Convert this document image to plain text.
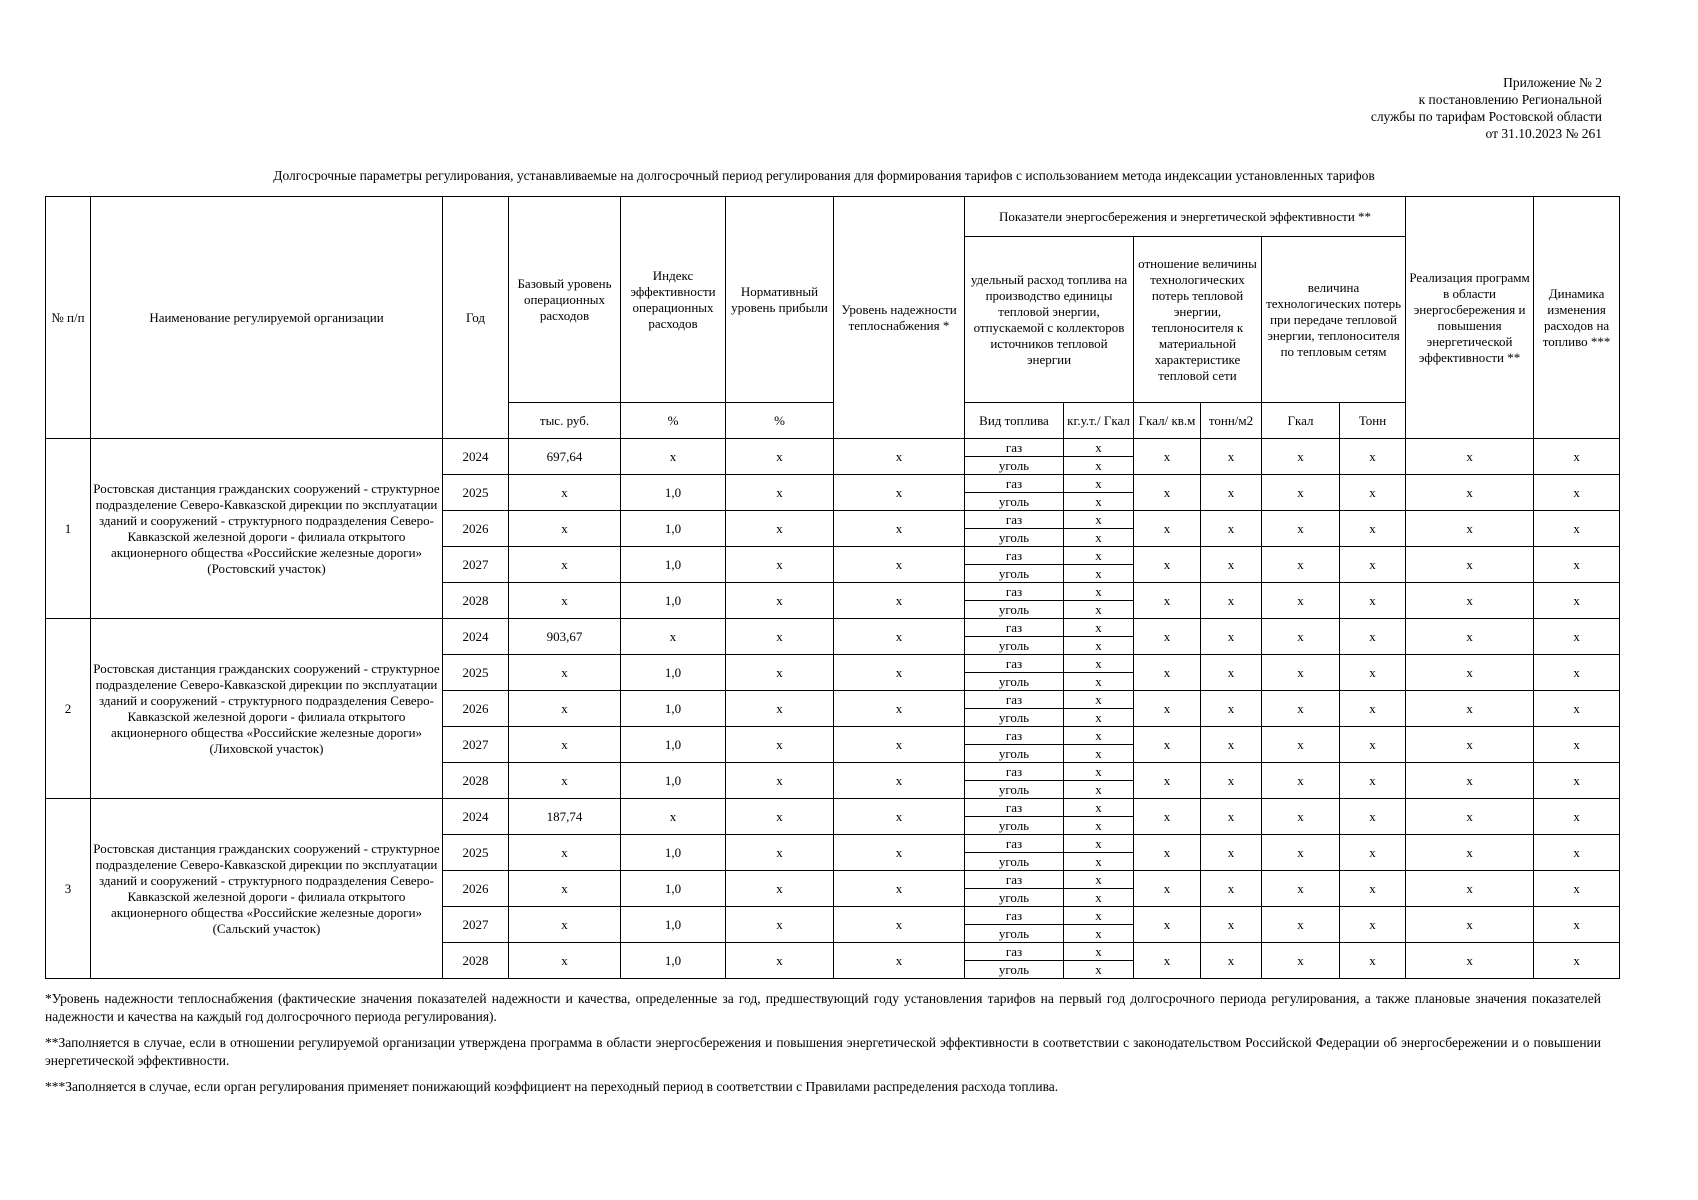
Приложение № 2
к постановлению Региональной
службы по тарифам Ростовской области
от 31.10.2023 № 261
Долгосрочные параметры регулирования, устанавливаемые на долгосрочный период регулирования для формирования тарифов с использованием метода индексации установленных тарифов
№ п/п	Наименование регулируемой организации	Год	Базовый уровень операционных расходов	Индекс эффективности операционных расходов	Нормативный уровень прибыли	Уровень надежности теплоснабжения *	Показатели энергосбережения и энергетической эффективности **						Реализация программ в области энергосбережения и повышения энергетической эффективности **	Динамика изменения расходов на топливо ***
							удельный расход топлива на производство единицы тепловой энергии, отпускаемой с коллекторов источников тепловой энергии		отношение величины технологических потерь тепловой энергии, теплоносителя к материальной характеристике тепловой сети		величина технологических потерь при передаче тепловой энергии, теплоносителя по тепловым сетям			
			тыс. руб.	%	%		Вид топлива	кг.у.т./ Гкал	Гкал/ кв.м	тонн/м2	Гкал	Тонн		
1	Ростовская дистанция гражданских сооружений - структурное подразделение Северо-Кавказской дирекции по эксплуатации зданий и сооружений - структурного подразделения Северо-Кавказской железной дороги - филиала открытого акционерного общества «Российские железные дороги» (Ростовский участок)	2024	697,64	x	x	x	газ	x	x	x	x	x	x	x
							уголь	x						
		2025	x	1,0	x	x	газ	x	x	x	x	x	x	x
							уголь	x						
		2026	x	1,0	x	x	газ	x	x	x	x	x	x	x
							уголь	x						
		2027	x	1,0	x	x	газ	x	x	x	x	x	x	x
							уголь	x						
		2028	x	1,0	x	x	газ	x	x	x	x	x	x	x
							уголь	x						
2	Ростовская дистанция гражданских сооружений - структурное подразделение Северо-Кавказской дирекции по эксплуатации зданий и сооружений - структурного подразделения Северо-Кавказской железной дороги - филиала открытого акционерного общества «Российские железные дороги» (Лиховской участок)	2024	903,67	x	x	x	газ	x	x	x	x	x	x	x
							уголь	x						
		2025	x	1,0	x	x	газ	x	x	x	x	x	x	x
							уголь	x						
		2026	x	1,0	x	x	газ	x	x	x	x	x	x	x
							уголь	x						
		2027	x	1,0	x	x	газ	x	x	x	x	x	x	x
							уголь	x						
		2028	x	1,0	x	x	газ	x	x	x	x	x	x	x
							уголь	x						
3	Ростовская дистанция гражданских сооружений - структурное подразделение Северо-Кавказской дирекции по эксплуатации зданий и сооружений - структурного подразделения Северо-Кавказской железной дороги - филиала открытого акционерного общества «Российские железные дороги» (Сальский участок)	2024	187,74	x	x	x	газ	x	x	x	x	x	x	x
							уголь	x						
		2025	x	1,0	x	x	газ	x	x	x	x	x	x	x
							уголь	x						
		2026	x	1,0	x	x	газ	x	x	x	x	x	x	x
							уголь	x						
		2027	x	1,0	x	x	газ	x	x	x	x	x	x	x
							уголь	x						
		2028	x	1,0	x	x	газ	x	x	x	x	x	x	x
							уголь	x						

*Уровень надежности теплоснабжения (фактические значения показателей надежности и качества, определенные за год, предшествующий году установления тарифов на первый год долгосрочного периода регулирования, а также плановые значения показателей надежности и качества на каждый год долгосрочного периода регулирования).

**Заполняется в случае, если в отношении регулируемой организации утверждена программа в области энергосбережения и повышения энергетической эффективности в соответствии с законодательством Российской Федерации об энергосбережении и о повышении энергетической эффективности.

***Заполняется в случае, если орган регулирования применяет понижающий коэффициент на переходный период в соответствии с Правилами распределения расхода топлива.
